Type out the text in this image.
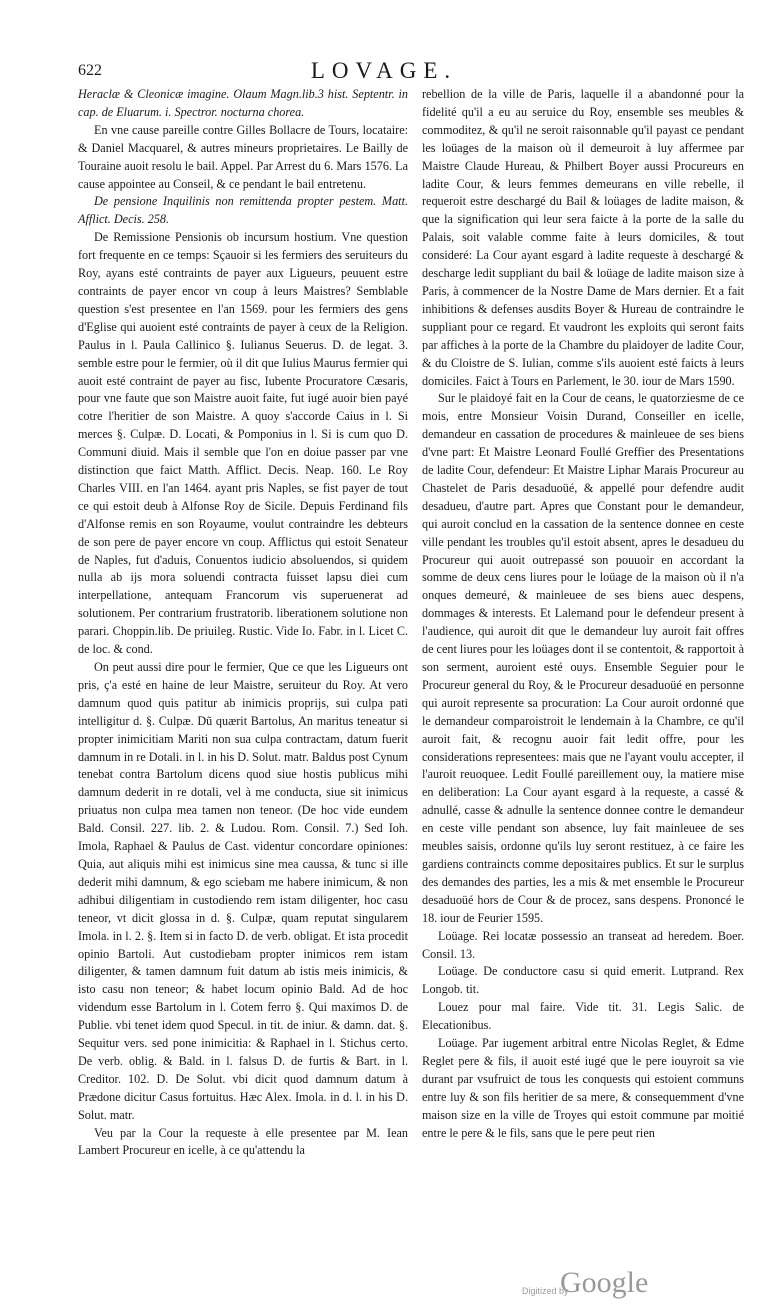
622	LOVAGE.

Heraclæ & Cleonicæ imagine. Olaum Magn.lib.3 hist. Septentr. in cap. de Eluarum. i. Spectror. nocturna chorea.

En vne cause pareille contre Gilles Bollacre de Tours, locataire: & Daniel Macquarel, & autres mineurs proprietaires. Le Bailly de Touraine auoit resolu le bail. Appel. Par Arrest du 6. Mars 1576. La cause appointee au Conseil, & ce pendant le bail entretenu.

De pensione Inquilinis non remittenda propter pestem. Matt. Afflict. Decis. 258.

De Remissione Pensionis ob incursum hostium. Vne question fort frequente en ce temps: Sçauoir si les fermiers des seruiteurs du Roy, ayans esté contraints de payer aux Ligueurs, peuuent estre contraints de payer encor vn coup à leurs Maistres? Semblable question s'est presentee en l'an 1569. pour les fermiers des gens d'Eglise qui auoient esté contraints de payer à ceux de la Religion. Paulus in l. Paula Callinico §. Iulianus Seuerus. D. de legat. 3. semble estre pour le fermier, où il dit que Iulius Maurus fermier qui auoit esté contraint de payer au fisc, Iubente Procuratore Cæsaris, pour vne faute que son Maistre auoit faite, fut iugé auoir bien payé cotre l'heritier de son Maistre. A quoy s'accorde Caius in l. Si merces §. Culpæ. D. Locati, & Pomponius in l. Si is cum quo D. Communi diuid. Mais il semble que l'on en doiue passer par vne distinction que faict Matth. Afflict. Decis. Neap. 160. Le Roy Charles VIII. en l'an 1464. ayant pris Naples, se fist payer de tout ce qui estoit deub à Alfonse Roy de Sicile. Depuis Ferdinand fils d'Alfonse remis en son Royaume, voulut contraindre les debteurs de son pere de payer encore vn coup. Afflictus qui estoit Senateur de Naples, fut d'aduis, Conuentos iudicio absoluendos, si quidem nulla ab ijs mora soluendi contracta fuisset lapsu diei cum interpellatione, antequam Francorum vis superuenerat ad solutionem. Per contrarium frustratorib. liberationem solutione non parari. Choppin.lib. De priuileg. Rustic. Vide Io. Fabr. in l. Licet C. de loc. & cond.

On peut aussi dire pour le fermier, Que ce que les Ligueurs ont pris, ç'a esté en haine de leur Maistre, seruiteur du Roy. At vero damnum quod quis patitur ab inimicis proprijs, sui culpa pati intelligitur d. §. Culpæ. Dũ quærit Bartolus, An maritus teneatur si propter inimicitiam Mariti non sua culpa contractam, datum fuerit damnum in re Dotali. in l. in his D. Solut. matr. Baldus post Cynum tenebat contra Bartolum dicens quod siue hostis publicus mihi damnum dederit in re dotali, vel à me conducta, siue sit inimicus priuatus non culpa mea tamen non teneor. (De hoc vide eundem Bald. Consil. 227. lib. 2. & Ludou. Rom. Consil. 7.) Sed Ioh. Imola, Raphael & Paulus de Cast. videntur concordare opiniones: Quia, aut aliquis mihi est inimicus sine mea caussa, & tunc si ille dederit mihi damnum, & ego sciebam me habere inimicum, & non adhibui diligentiam in custodiendo rem istam diligenter, hoc casu teneor, vt dicit glossa in d. §. Culpæ, quam reputat singularem Imola. in l. 2. §. Item si in facto D. de verb. obligat. Et ista procedit opinio Bartoli. Aut custodiebam propter inimicos rem istam diligenter, & tamen damnum fuit datum ab istis meis inimicis, & isto casu non teneor; & habet locum opinio Bald. Ad de hoc videndum esse Bartolum in l. Cotem ferro §. Qui maximos D. de Publie. vbi tenet idem quod Specul. in tit. de iniur. & damn. dat. §. Sequitur vers. sed pone inimicitia: & Raphael in l. Stichus certo. De verb. oblig. & Bald. in l. falsus D. de furtis & Bart. in l. Creditor. 102. D. De Solut. vbi dicit quod damnum datum à Prædone dicitur Casus fortuitus. Hæc Alex. Imola. in d. l. in his D. Solut. matr.

Veu par la Cour la requeste à elle presentee par M. Iean Lambert Procureur en icelle, à ce qu'attendu la

rebellion de la ville de Paris, laquelle il a abandonné pour la fidelité qu'il a eu au seruice du Roy, ensemble ses meubles & commoditez, & qu'il ne seroit raisonnable qu'il payast ce pendant les loüages de la maison où il demeuroit à luy affermee par Maistre Claude Hureau, & Philbert Boyer aussi Procureurs en ladite Cour, & leurs femmes demeurans en ville rebelle, il requeroit estre deschargé du Bail & loüages de ladite maison, & que la signification qui leur sera faicte à la porte de la salle du Palais, soit valable comme faite à leurs domiciles, & tout consideré: La Cour ayant esgard à ladite requeste à deschargé & descharge ledit suppliant du bail & loüage de ladite maison size à Paris, à commencer de la Nostre Dame de Mars dernier. Et a fait inhibitions & defenses ausdits Boyer & Hureau de contraindre le suppliant pour ce regard. Et vaudront les exploits qui seront faits par affiches à la porte de la Chambre du plaidoyer de ladite Cour, & du Cloistre de S. Iulian, comme s'ils auoient esté faicts à leurs domiciles. Faict à Tours en Parlement, le 30. iour de Mars 1590.

Sur le plaidoyé fait en la Cour de ceans, le quatorziesme de ce mois, entre Monsieur Voisin Durand, Conseiller en icelle, demandeur en cassation de procedures & mainleuee de ses biens d'vne part: Et Maistre Leonard Foullé Greffier des Presentations de ladite Cour, defendeur: Et Maistre Liphar Marais Procureur au Chastelet de Paris desaduoüé, & appellé pour defendre audit desadueu, d'autre part. Apres que Constant pour le demandeur, qui auroit conclud en la cassation de la sentence donnee en ceste ville pendant les troubles qu'il estoit absent, apres le desadueu du Procureur qui auoit outrepassé son pouuoir en accordant la somme de deux cens liures pour le loüage de la maison où il n'a onques demeuré, & mainleuee de ses biens auec despens, dommages & interests. Et Lalemand pour le defendeur present à l'audience, qui auroit dit que le demandeur luy auroit fait offres de cent liures pour les loüages dont il se contentoit, & rapportoit à son serment, auroient esté ouys. Ensemble Seguier pour le Procureur general du Roy, & le Procureur desaduoüé en personne qui auroit represente sa procuration: La Cour auroit ordonné que le demandeur comparoistroit le lendemain à la Chambre, ce qu'il auroit fait, & recognu auoir fait ledit offre, pour les considerations representees: mais que ne l'ayant voulu accepter, il l'auroit reuoquee. Ledit Foullé pareillement ouy, la matiere mise en deliberation: La Cour ayant esgard à la requeste, a cassé & adnullé, casse & adnulle la sentence donnee contre le demandeur en ceste ville pendant son absence, luy fait mainleuee de ses meubles saisis, ordonne qu'ils luy seront restituez, à ce faire les gardiens contraincts comme depositaires publics. Et sur le surplus des demandes des parties, les a mis & met ensemble le Procureur desaduoüé hors de Cour & de procez, sans despens. Prononcé le 18. iour de Feurier 1595.

Loüage. Rei locatæ possessio an transeat ad heredem. Boer. Consil. 13.

Loüage. De conductore casu si quid emerit. Lutprand. Rex Longob. tit.

Louez pour mal faire. Vide tit. 31. Legis Salic. de Elecationibus.

Loüage. Par iugement arbitral entre Nicolas Reglet, & Edme Reglet pere & fils, il auoit esté iugé que le pere iouyroit sa vie durant par vsufruict de tous les conquests qui estoient communs entre luy & son fils heritier de sa mere, & consequemment d'vne maison size en la ville de Troyes qui estoit commune par moitié entre le pere & le fils, sans que le pere peut rien

Digitized by
Google
